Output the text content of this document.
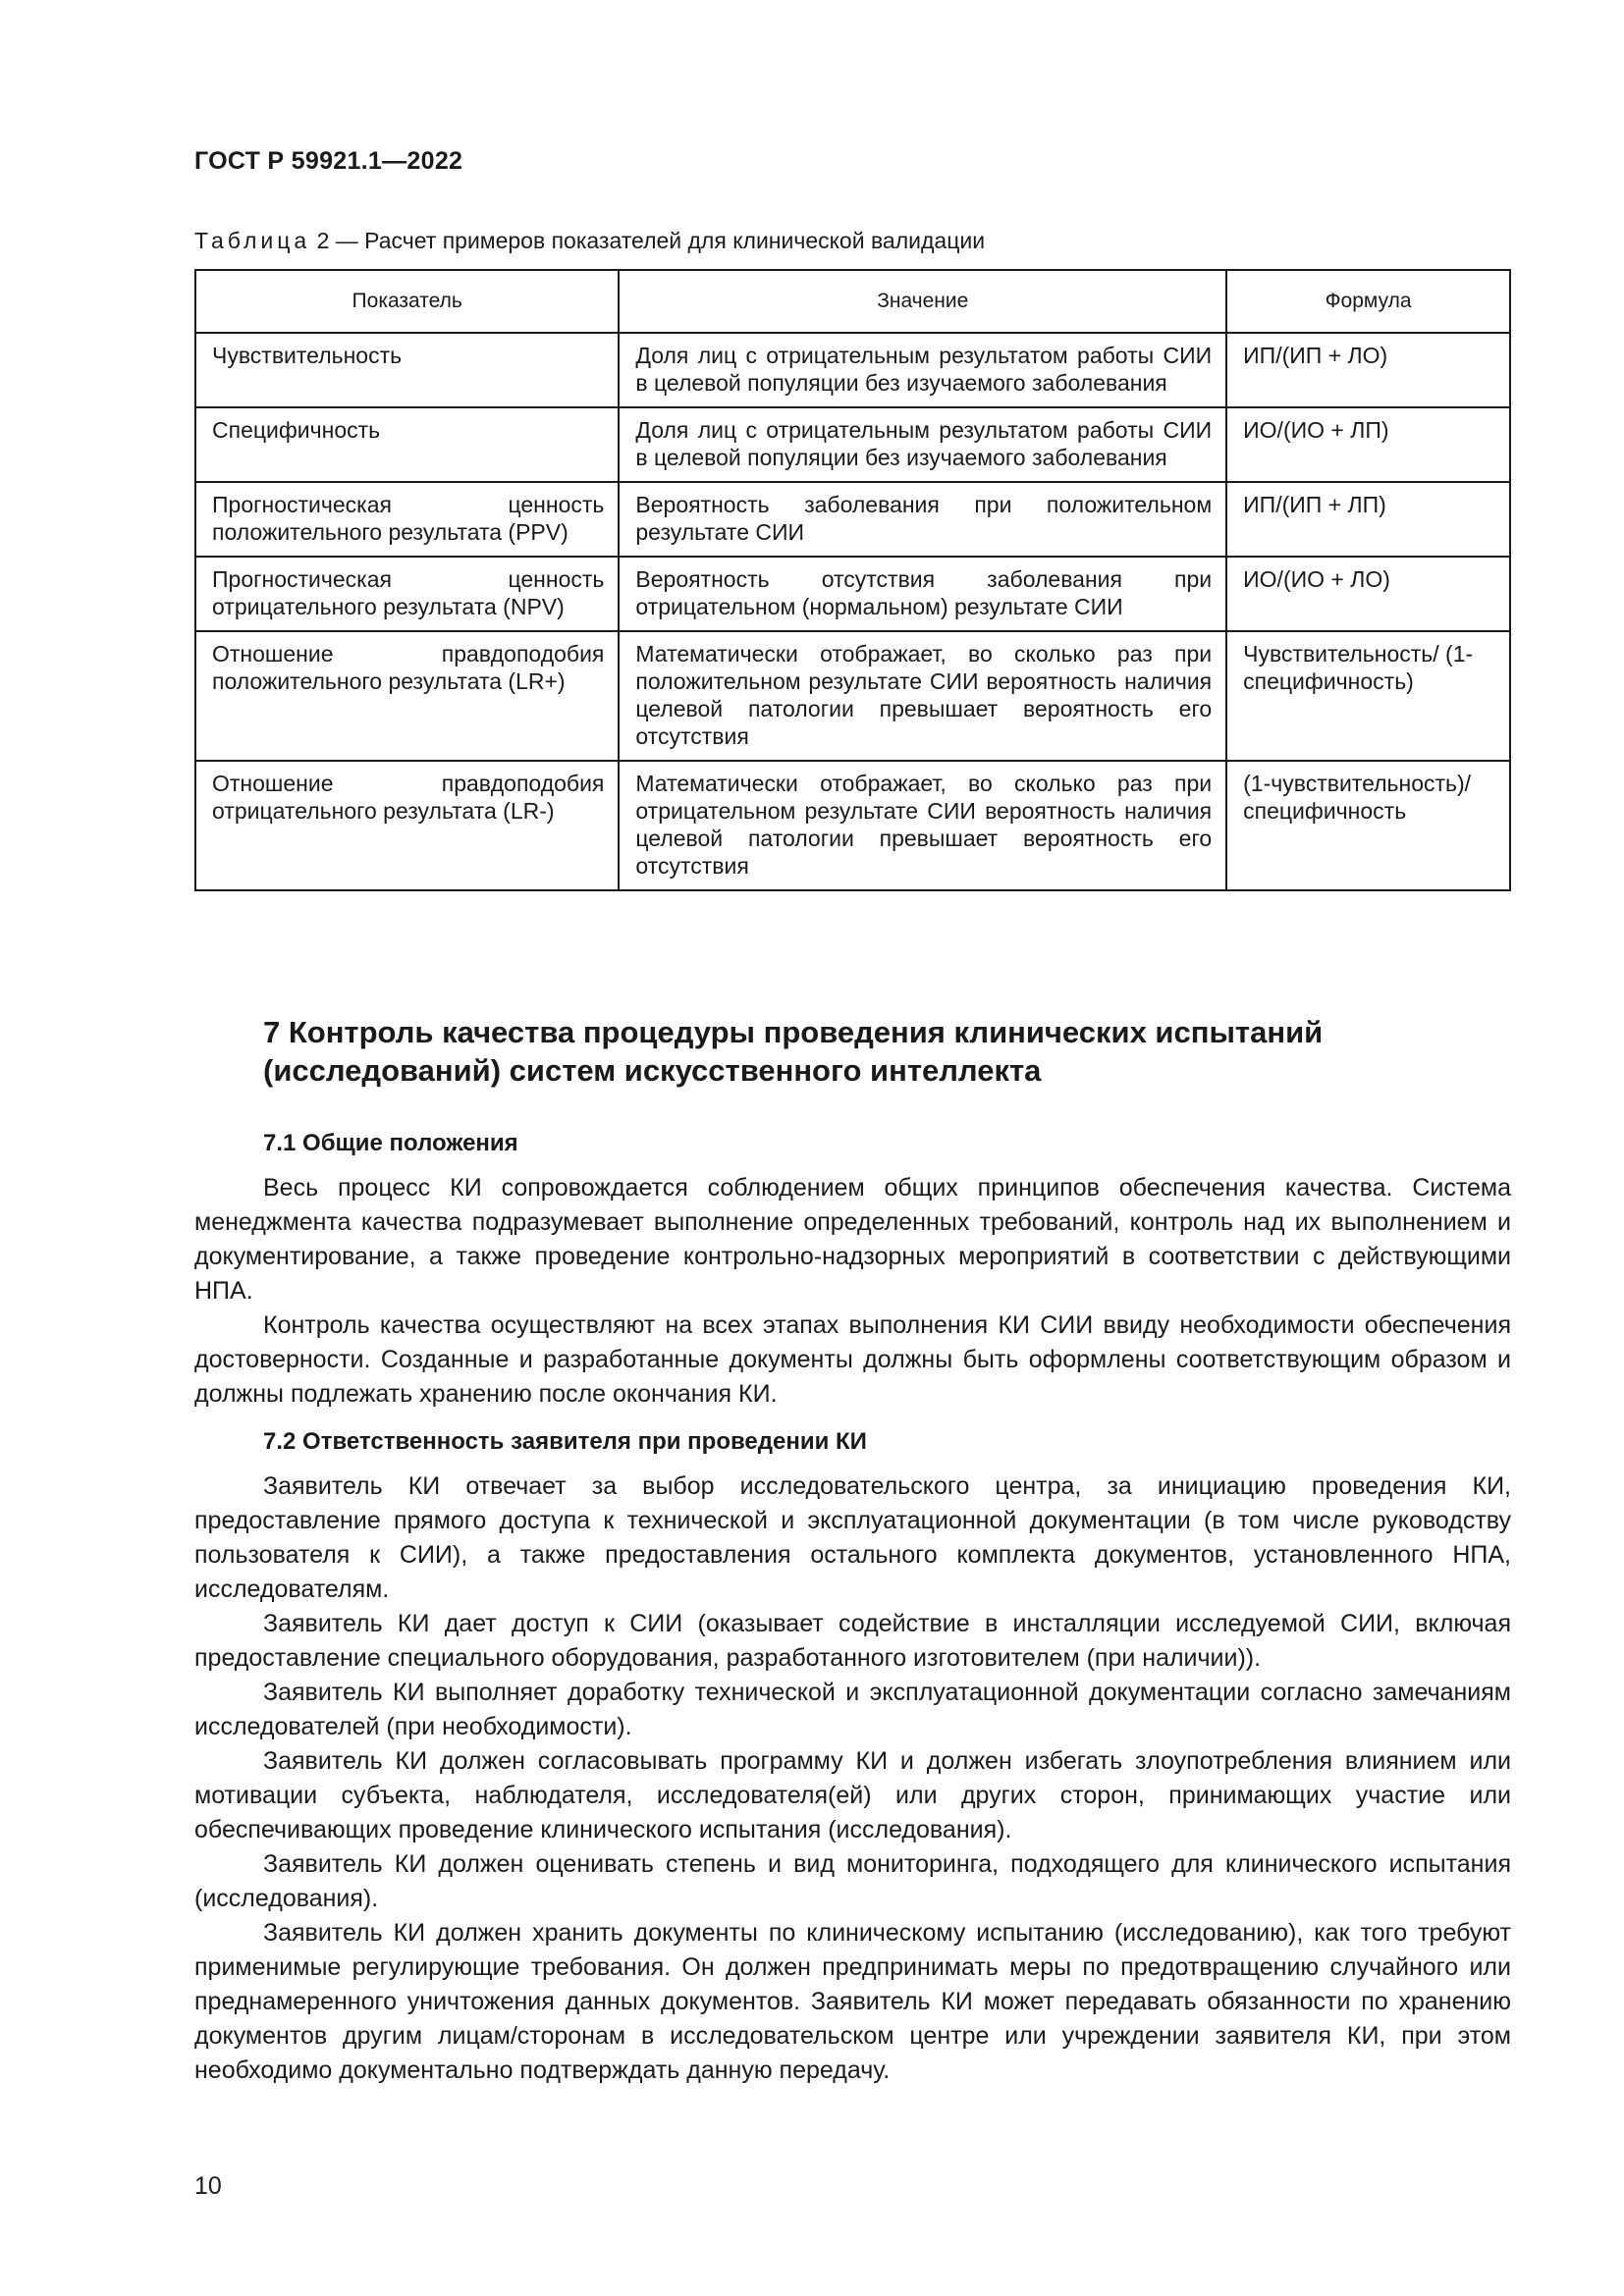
ГОСТ Р 59921.1—2022
Таблица 2 — Расчет примеров показателей для клинической валидации
Показатель	Значение	Формула
Чувствительность	Доля лиц с отрицательным результатом работы СИИ в целевой популяции без изучаемого заболевания	ИП/(ИП + ЛО)
Специфичность	Доля лиц с отрицательным результатом работы СИИ в целевой популяции без изучаемого заболевания	ИО/(ИО + ЛП)
Прогностическая ценность положительного результата (PPV)	Вероятность заболевания при положительном результате СИИ	ИП/(ИП + ЛП)
Прогностическая ценность отрицательного результата (NPV)	Вероятность отсутствия заболевания при отрицательном (нормальном) результате СИИ	ИО/(ИО + ЛО)
Отношение правдоподобия положительного результата (LR+)	Математически отображает, во сколько раз при положительном результате СИИ вероятность наличия целевой патологии превышает вероятность его отсутствия	Чувствительность/ (1-специфичность)
Отношение правдоподобия отрицательного результата (LR-)	Математически отображает, во сколько раз при отрицательном результате СИИ вероятность наличия целевой патологии превышает вероятность его отсутствия	(1-чувствительность)/ специфичность
7 Контроль качества процедуры проведения клинических испытаний (исследований) систем искусственного интеллекта
7.1 Общие положения

Весь процесс КИ сопровождается соблюдением общих принципов обеспечения качества. Система менеджмента качества подразумевает выполнение определенных требований, контроль над их выполнением и документирование, а также проведение контрольно-надзорных мероприятий в соответствии с действующими НПА.

Контроль качества осуществляют на всех этапах выполнения КИ СИИ ввиду необходимости обеспечения достоверности. Созданные и разработанные документы должны быть оформлены соответствующим образом и должны подлежать хранению после окончания КИ.

7.2 Ответственность заявителя при проведении КИ

Заявитель КИ отвечает за выбор исследовательского центра, за инициацию проведения КИ, предоставление прямого доступа к технической и эксплуатационной документации (в том числе руководству пользователя к СИИ), а также предоставления остального комплекта документов, установленного НПА, исследователям.

Заявитель КИ дает доступ к СИИ (оказывает содействие в инсталляции исследуемой СИИ, включая предоставление специального оборудования, разработанного изготовителем (при наличии)).

Заявитель КИ выполняет доработку технической и эксплуатационной документации согласно замечаниям исследователей (при необходимости).

Заявитель КИ должен согласовывать программу КИ и должен избегать злоупотребления влиянием или мотивации субъекта, наблюдателя, исследователя(ей) или других сторон, принимающих участие или обеспечивающих проведение клинического испытания (исследования).

Заявитель КИ должен оценивать степень и вид мониторинга, подходящего для клинического испытания (исследования).

Заявитель КИ должен хранить документы по клиническому испытанию (исследованию), как того требуют применимые регулирующие требования. Он должен предпринимать меры по предотвращению случайного или преднамеренного уничтожения данных документов. Заявитель КИ может передавать обязанности по хранению документов другим лицам/сторонам в исследовательском центре или учреждении заявителя КИ, при этом необходимо документально подтверждать данную передачу.

10
